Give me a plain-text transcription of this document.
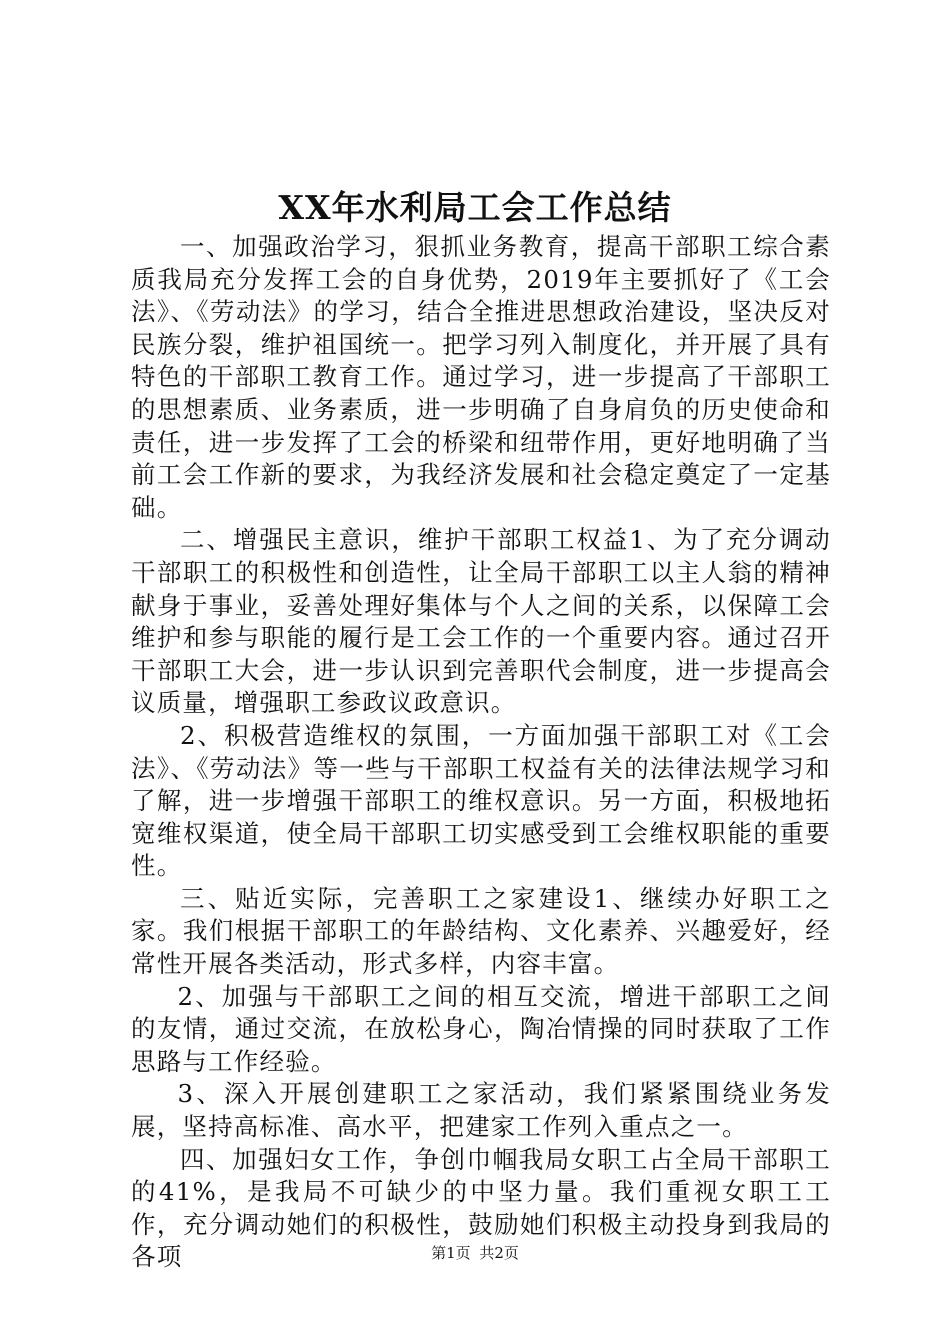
XX年水利局工会工作总结

一、加强政治学习，狠抓业务教育，提高干部职工综合素质我局充分发挥工会的自身优势，2019年主要抓好了《工会法》、《劳动法》的学习，结合全推进思想政治建设，坚决反对民族分裂，维护祖国统一。把学习列入制度化，并开展了具有特色的干部职工教育工作。通过学习，进一步提高了干部职工的思想素质、业务素质，进一步明确了自身肩负的历史使命和责任，进一步发挥了工会的桥梁和纽带作用，更好地明确了当前工会工作新的要求，为我经济发展和社会稳定奠定了一定基础。

二、增强民主意识，维护干部职工权益1、为了充分调动干部职工的积极性和创造性，让全局干部职工以主人翁的精神献身于事业，妥善处理好集体与个人之间的关系，以保障工会维护和参与职能的履行是工会工作的一个重要内容。通过召开干部职工大会，进一步认识到完善职代会制度，进一步提高会议质量，增强职工参政议政意识。

2、积极营造维权的氛围，一方面加强干部职工对《工会法》、《劳动法》等一些与干部职工权益有关的法律法规学习和了解，进一步增强干部职工的维权意识。另一方面，积极地拓宽维权渠道，使全局干部职工切实感受到工会维权职能的重要性。

三、贴近实际，完善职工之家建设1、继续办好职工之家。我们根据干部职工的年龄结构、文化素养、兴趣爱好，经常性开展各类活动，形式多样，内容丰富。

2、加强与干部职工之间的相互交流，增进干部职工之间的友情，通过交流，在放松身心，陶冶情操的同时获取了工作思路与工作经验。

3、深入开展创建职工之家活动，我们紧紧围绕业务发展，坚持高标准、高水平，把建家工作列入重点之一。

四、加强妇女工作，争创巾帼我局女职工占全局干部职工的41%，是我局不可缺少的中坚力量。我们重视女职工工作，充分调动她们的积极性，鼓励她们积极主动投身到我局的各项	第1页 共2页
